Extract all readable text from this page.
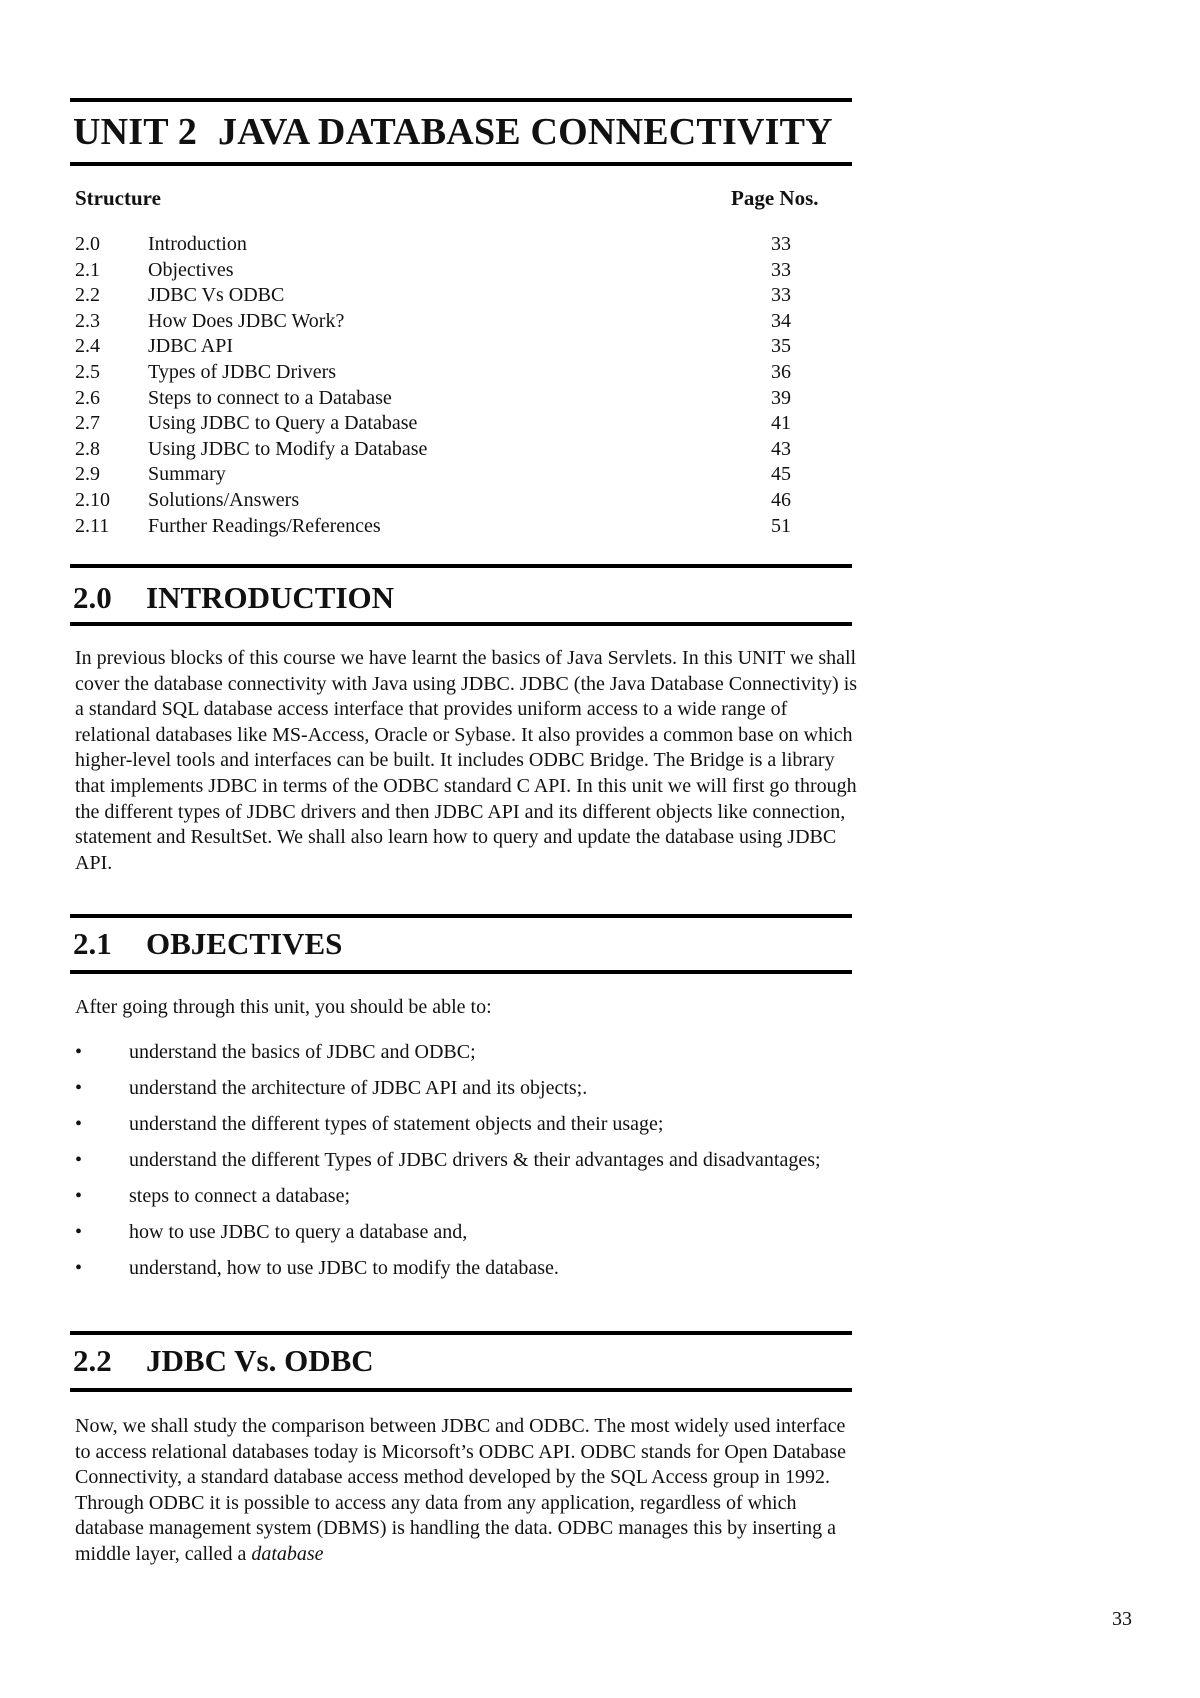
UNIT 2 JAVA DATABASE CONNECTIVITY
Structure	Page Nos.
2.0 Introduction	33
2.1 Objectives	33
2.2 JDBC Vs ODBC	33
2.3 How Does JDBC Work?	34
2.4 JDBC API	35
2.5 Types of JDBC Drivers	36
2.6 Steps to connect to a Database	39
2.7 Using JDBC to Query a Database	41
2.8 Using JDBC to Modify a Database	43
2.9 Summary	45
2.10 Solutions/Answers	46
2.11 Further Readings/References	51
2.0 INTRODUCTION

In previous blocks of this course we have learnt the basics of Java Servlets. In this UNIT we shall cover the database connectivity with Java using JDBC. JDBC (the Java Database Connectivity) is a standard SQL database access interface that provides uniform access to a wide range of relational databases like MS-Access, Oracle or Sybase. It also provides a common base on which higher-level tools and interfaces can be built. It includes ODBC Bridge. The Bridge is a library that implements JDBC in terms of the ODBC standard C API. In this unit we will first go through the different types of JDBC drivers and then JDBC API and its different objects like connection, statement and ResultSet. We shall also learn how to query and update the database using JDBC API.

2.1 OBJECTIVES

After going through this unit, you should be able to:

• understand the basics of JDBC and ODBC;
• understand the architecture of JDBC API and its objects;.
• understand the different types of statement objects and their usage;
• understand the different Types of JDBC drivers & their advantages and disadvantages;
• steps to connect a database;
• how to use JDBC to query a database and,
• understand, how to use JDBC to modify the database.
2.2 JDBC Vs. ODBC

Now, we shall study the comparison between JDBC and ODBC. The most widely used interface to access relational databases today is Micorsoft’s ODBC API. ODBC stands for Open Database Connectivity, a standard database access method developed by the SQL Access group in 1992. Through ODBC it is possible to access any data from any application, regardless of which database management system (DBMS) is handling the data. ODBC manages this by inserting a middle layer, called a database

33
